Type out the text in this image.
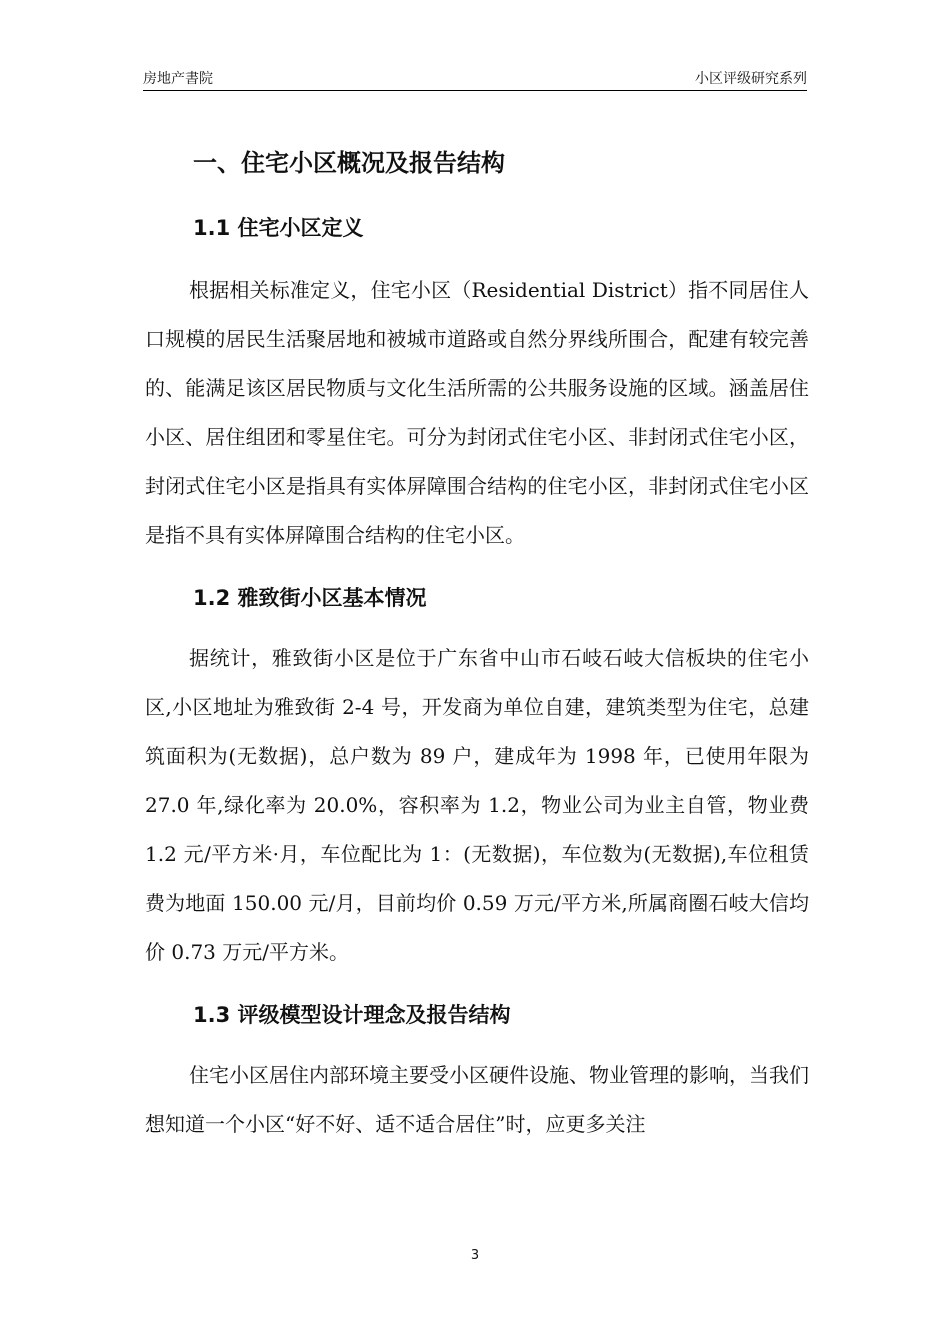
房地产書院	小区评级研究系列
一、住宅小区概况及报告结构
1.1 住宅小区定义

根据相关标准定义，住宅小区（Residential District）指不同居住人口规模的居民生活聚居地和被城市道路或自然分界线所围合，配建有较完善的、能满足该区居民物质与文化生活所需的公共服务设施的区域。涵盖居住小区、居住组团和零星住宅。可分为封闭式住宅小区、非封闭式住宅小区，封闭式住宅小区是指具有实体屏障围合结构的住宅小区，非封闭式住宅小区是指不具有实体屏障围合结构的住宅小区。

1.2 雅致街小区基本情况

据统计，雅致街小区是位于广东省中山市石岐石岐大信板块的住宅小区,小区地址为雅致街 2-4 号，开发商为单位自建，建筑类型为住宅，总建筑面积为(无数据)，总户数为 89 户，建成年为 1998 年，已使用年限为 27.0 年,绿化率为 20.0%，容积率为 1.2，物业公司为业主自管，物业费 1.2 元/平方米·月，车位配比为 1：(无数据)，车位数为(无数据),车位租赁费为地面 150.00 元/月，目前均价 0.59 万元/平方米,所属商圈石岐大信均价 0.73 万元/平方米。

1.3 评级模型设计理念及报告结构

住宅小区居住内部环境主要受小区硬件设施、物业管理的影响，当我们想知道一个小区“好不好、适不适合居住”时，应更多关注

3
